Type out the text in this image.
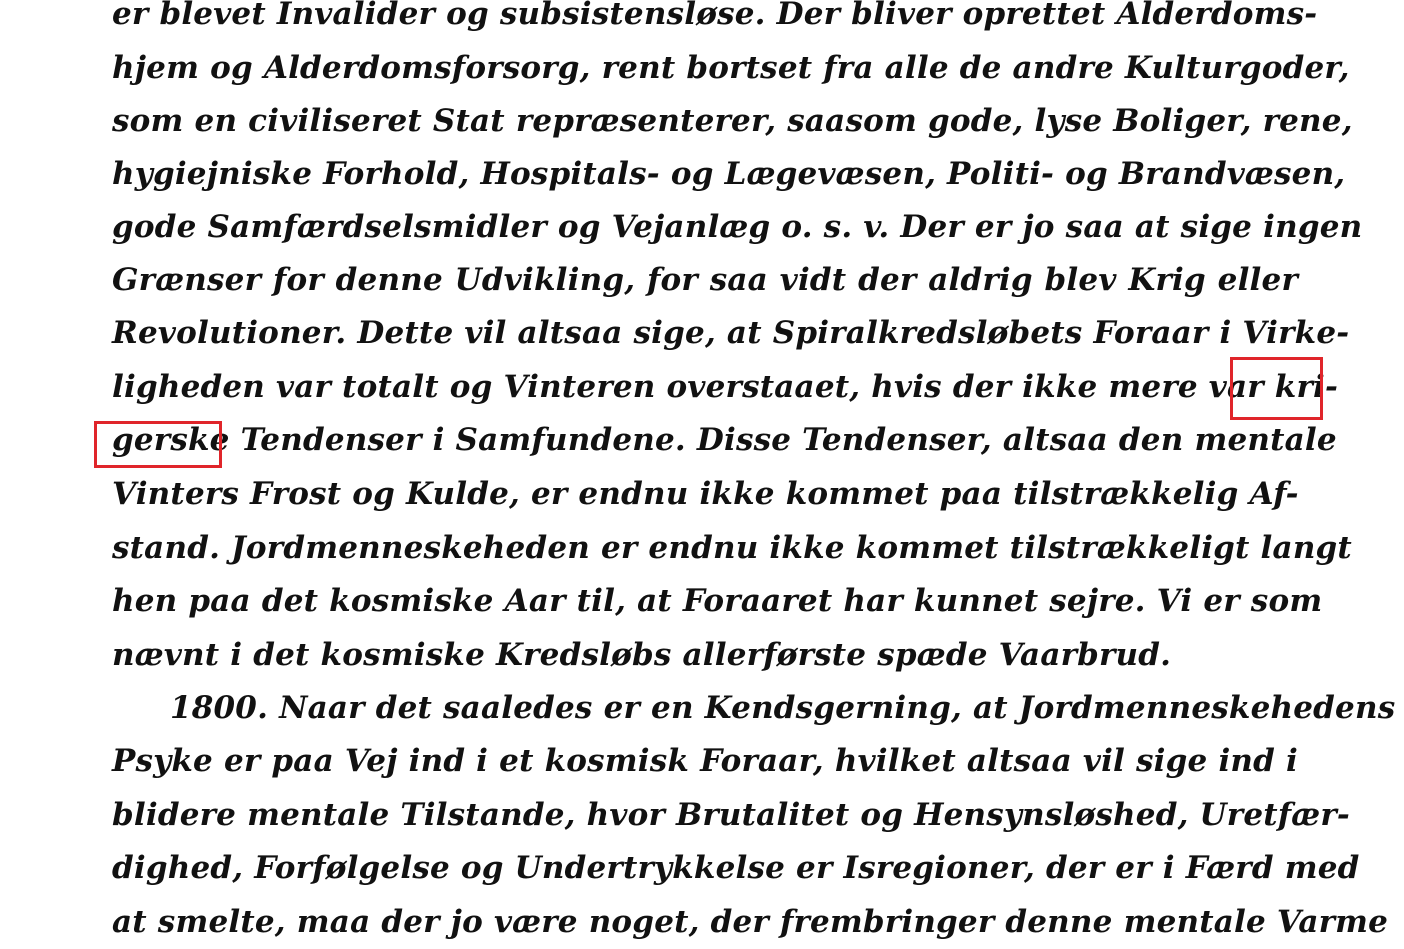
er blevet Invalider og subsistensløse. Der bliver oprettet Alderdoms-
hjem og Alderdomsforsorg, rent bortset fra alle de andre Kulturgoder,
som en civiliseret Stat repræsenterer, saasom gode, lyse Boliger, rene,
hygiejniske Forhold, Hospitals- og Lægevæsen, Politi- og Brandvæsen,
gode Samfærdselsmidler og Vejanlæg o. s. v. Der er jo saa at sige ingen
Grænser for denne Udvikling, for saa vidt der aldrig blev Krig eller
Revolutioner. Dette vil altsaa sige, at Spiralkredsløbets Foraar i Virke-
ligheden var totalt og Vinteren overstaaet, hvis der ikke mere var kri-
gerske Tendenser i Samfundene. Disse Tendenser, altsaa den mentale
Vinters Frost og Kulde, er endnu ikke kommet paa tilstrækkelig Af-
stand. Jordmenneskeheden er endnu ikke kommet tilstrækkeligt langt
hen paa det kosmiske Aar til, at Foraaret har kunnet sejre. Vi er som
nævnt i det kosmiske Kredsløbs allerførste spæde Vaarbrud.
1800. Naar det saaledes er en Kendsgerning, at Jordmenneskehedens
Psyke er paa Vej ind i et kosmisk Foraar, hvilket altsaa vil sige ind i
blidere mentale Tilstande, hvor Brutalitet og Hensynsløshed, Uretfær-
dighed, Forfølgelse og Undertrykkelse er Isregioner, der er i Færd med
at smelte, maa der jo være noget, der frembringer denne mentale Varme
